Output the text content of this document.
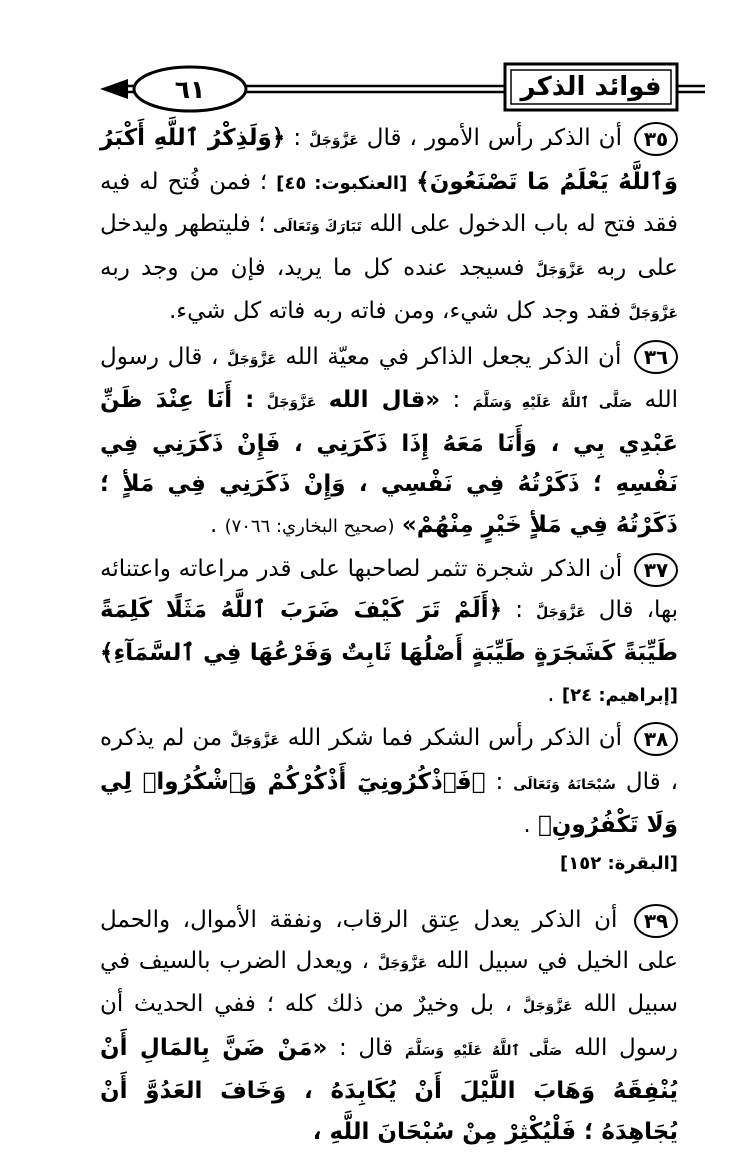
٦١	فوائد الذكر

٣٥ أن الذكر رأس الأمور ، قال عَزَّوَجَلَّ : ﴿وَلَذِكْرُ ٱللَّهِ أَكْبَرُ وَٱللَّهُ يَعْلَمُ مَا تَصْنَعُونَ﴾ [العنكبوت: ٤٥] ؛ فمن فُتح له فيه فقد فتح له باب الدخول على الله تَبَارَكَ وَتَعَالَى ؛ فليتطهر وليدخل على ربه عَزَّوَجَلَّ فسيجد عنده كل ما يريد، فإن من وجد ربه عَزَّوَجَلَّ فقد وجد كل شيء، ومن فاته ربه فاته كل شيء.

٣٦ أن الذكر يجعل الذاكر في معيّة الله عَزَّوَجَلَّ ، قال رسول الله صَلَّى ٱللَّهُ عَلَيْهِ وَسَلَّمَ : «قال الله عَزَّوَجَلَّ : أَنَا عِنْدَ ظَنِّ عَبْدِي بِي ، وَأَنَا مَعَهُ إِذَا ذَكَرَنِي ، فَإِنْ ذَكَرَنِي فِي نَفْسِهِ ؛ ذَكَرْتُهُ فِي نَفْسِي ، وَإِنْ ذَكَرَنِي فِي مَلأٍ ؛ ذَكَرْتُهُ فِي مَلأٍ خَيْرٍ مِنْهُمْ» (صحيح البخاري: ٧٠٦٦) .

٣٧ أن الذكر شجرة تثمر لصاحبها على قدر مراعاته واعتنائه بها، قال عَزَّوَجَلَّ : ﴿أَلَمْ تَرَ كَيْفَ ضَرَبَ ٱللَّهُ مَثَلًا كَلِمَةً طَيِّبَةً كَشَجَرَةٍ طَيِّبَةٍ أَصْلُهَا ثَابِتٌ وَفَرْعُهَا فِي ٱلسَّمَآءِ﴾ [إبراهيم: ٢٤] .

٣٨ أن الذكر رأس الشكر فما شكر الله عَزَّوَجَلَّ من لم يذكره ، قال سُبْحَانَهُ وَتَعَالَى : ﴿فَٱذْكُرُونِيٓ أَذْكُرْكُمْ وَٱشْكُرُوا۟ لِي وَلَا تَكْفُرُونِ﴾ .
[البقرة: ١٥٢]

٣٩ أن الذكر يعدل عِتق الرقاب، ونفقة الأموال، والحمل على الخيل في سبيل الله عَزَّوَجَلَّ ، ويعدل الضرب بالسيف في سبيل الله عَزَّوَجَلَّ ، بل وخيرٌ من ذلك كله ؛ ففي الحديث أن رسول الله صَلَّى ٱللَّهُ عَلَيْهِ وَسَلَّمَ قال : «مَنْ ضَنَّ بِالمَالِ أَنْ يُنْفِقَهُ وَهَابَ اللَّيْلَ أَنْ يُكَابِدَهُ ، وَخَافَ العَدُوَّ أَنْ يُجَاهِدَهُ ؛ فَلْيُكْثِرْ مِنْ سُبْحَانَ اللَّهِ ،
